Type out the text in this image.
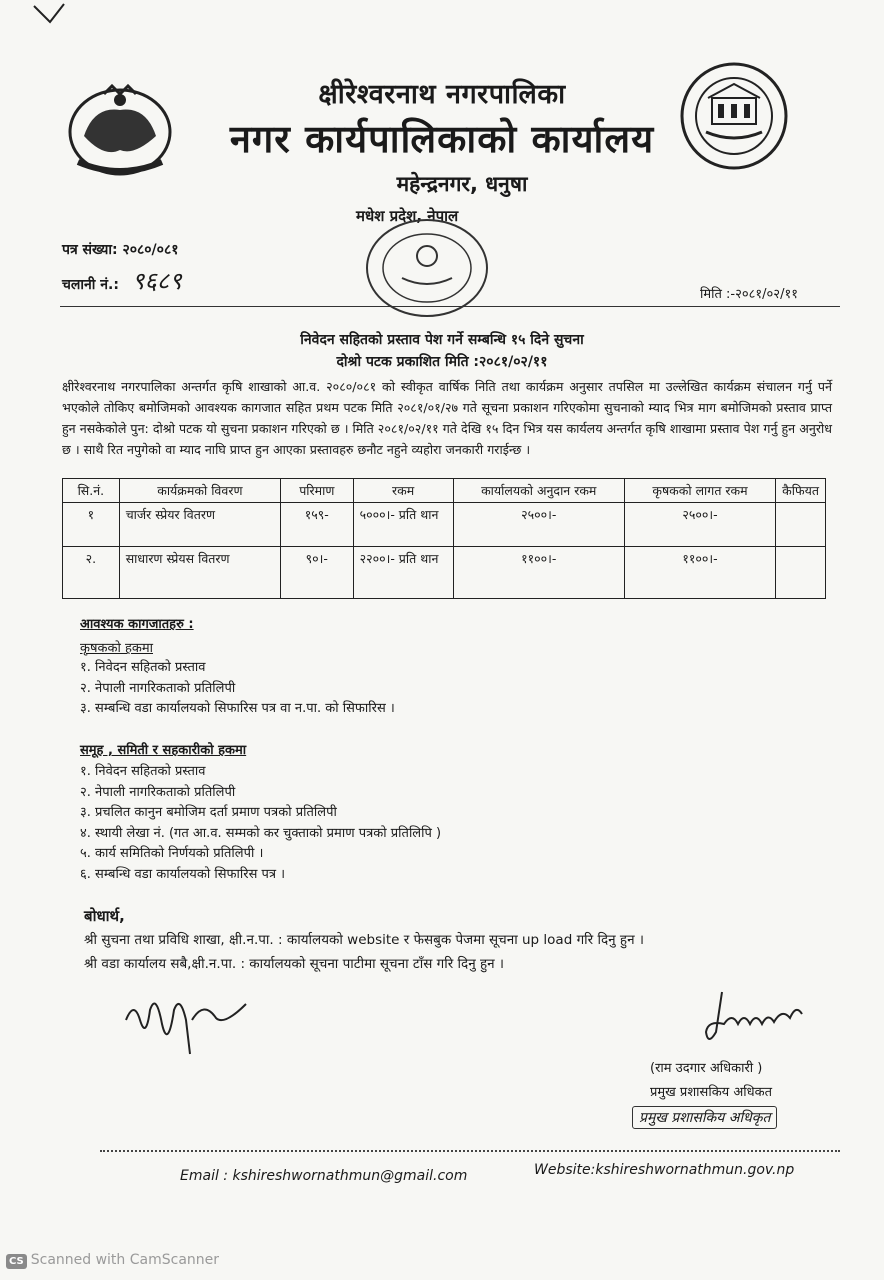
क्षीरेश्वरनाथ नगरपालिका
नगर कार्यपालिकाको कार्यालय
महेन्द्रनगर, धनुषा
मधेश प्रदेश, नेपाल
पत्र संख्या: २०८०/०८१
चलानी नं.: ९६८९	मिति :-२०८१/०२/११
निवेदन सहितको प्रस्ताव पेश गर्ने सम्बन्धि १५ दिने सुचना
दोश्रो पटक प्रकाशित मिति :२०८१/०२/११
क्षीरेश्वरनाथ नगरपालिका अन्तर्गत कृषि शाखाको आ.व. २०८०/०८१ को स्वीकृत वार्षिक निति तथा कार्यक्रम अनुसार तपसिल मा उल्लेखित कार्यक्रम संचालन गर्नु पर्ने भएकोले तोकिए बमोजिमको आवश्यक कागजात सहित प्रथम पटक मिति २०८१/०१/२७ गते सूचना प्रकाशन गरिएकोमा सुचनाको म्याद भित्र माग बमोजिमको प्रस्ताव प्राप्त हुन नसकेकोले पुन: दोश्रो पटक यो सुचना प्रकाशन गरिएको छ । मिति २०८१/०२/११ गते देखि १५ दिन भित्र यस कार्यलय अन्तर्गत कृषि शाखामा प्रस्ताव पेश गर्नु हुन अनुरोध छ । साथै रित नपुगेको वा म्याद नाघि प्राप्त हुन आएका प्रस्तावहरु छनौट नहुने व्यहोरा जनकारी गराईन्छ ।
सि.नं.	कार्यक्रमको विवरण	परिमाण	रकम	कार्यालयको अनुदान रकम	कृषकको लागत रकम	कैफियत
१	चार्जर स्प्रेयर वितरण	१५९-	५०००।- प्रति थान	२५००।-	२५००।-	
२.	साधारण स्प्रेयस वितरण	९०।-	२२००।- प्रति थान	११००।-	११००।-	
आवश्यक कागजातहरु :
कृषकको हकमा
१. निवेदन सहितको प्रस्ताव
२. नेपाली नागरिकताको प्रतिलिपी
३. सम्बन्धि वडा कार्यालयको सिफारिस पत्र वा न.पा. को सिफारिस ।
समूह , समिती र सहकारीको हकमा
१. निवेदन सहितको प्रस्ताव
२. नेपाली नागरिकताको प्रतिलिपी
३. प्रचलित कानुन बमोजिम दर्ता प्रमाण पत्रको प्रतिलिपी
४. स्थायी लेखा नं. (गत आ.व. सम्मको कर चुक्ताको प्रमाण पत्रको प्रतिलिपि )
५. कार्य समितिको निर्णयको प्रतिलिपी ।
६. सम्बन्धि वडा कार्यालयको सिफारिस पत्र ।
बोधार्थ,
श्री सुचना तथा प्रविधि शाखा, क्षी.न.पा. : कार्यालयको website र फेसबुक पेजमा सूचना up load गरि दिनु हुन ।
श्री वडा कार्यालय सबै,क्षी.न.पा. : कार्यालयको सूचना पाटीमा सूचना टाँस गरि दिनु हुन ।
(राम उदगार अधिकारी )
प्रमुख प्रशासकिय अधिकत
प्रमुख प्रशासकिय अधिकृत
Email : kshireshwornathmun@gmail.com	Website:kshireshwornathmun.gov.np
CS Scanned with CamScanner
